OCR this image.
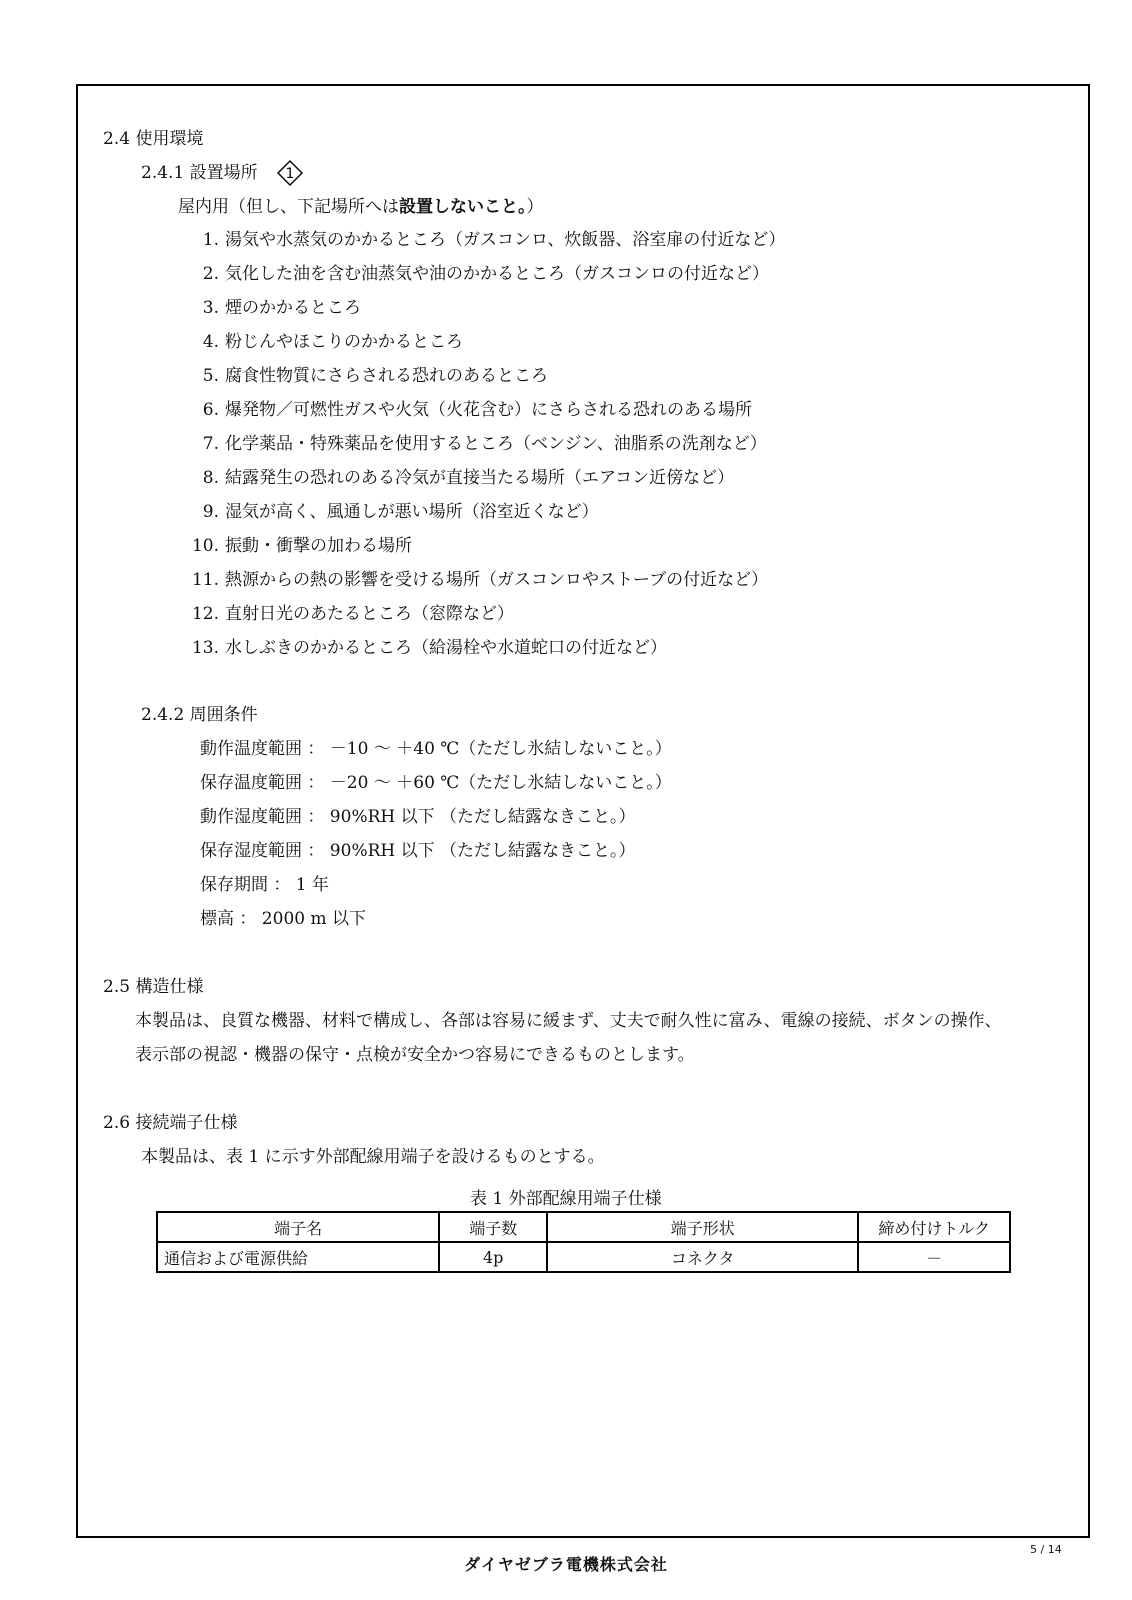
2.4 使用環境
2.4.1 設置場所 1
屋内用（但し、下記場所へは設置しないこと。）
1. 湯気や水蒸気のかかるところ（ガスコンロ、炊飯器、浴室扉の付近など）
2. 気化した油を含む油蒸気や油のかかるところ（ガスコンロの付近など）
3. 煙のかかるところ
4. 粉じんやほこりのかかるところ
5. 腐食性物質にさらされる恐れのあるところ
6. 爆発物／可燃性ガスや火気（火花含む）にさらされる恐れのある場所
7. 化学薬品・特殊薬品を使用するところ（ベンジン、油脂系の洗剤など）
8. 結露発生の恐れのある冷気が直接当たる場所（エアコン近傍など）
9. 湿気が高く、風通しが悪い場所（浴室近くなど）
10. 振動・衝撃の加わる場所
11. 熱源からの熱の影響を受ける場所（ガスコンロやストーブの付近など）
12. 直射日光のあたるところ（窓際など）
13. 水しぶきのかかるところ（給湯栓や水道蛇口の付近など）
2.4.2 周囲条件
動作温度範囲 ： －10 ～ ＋40 ℃（ただし氷結しないこと。）
保存温度範囲 ： －20 ～ ＋60 ℃（ただし氷結しないこと。）
動作湿度範囲 ： 90%RH 以下 （ただし結露なきこと。）
保存湿度範囲 ： 90%RH 以下 （ただし結露なきこと。）
保存期間 ： 1 年
標高 ： 2000 m 以下
2.5 構造仕様
本製品は、良質な機器、材料で構成し、各部は容易に緩まず、丈夫で耐久性に富み、電線の接続、ボタンの操作、
表示部の視認・機器の保守・点検が安全かつ容易にできるものとします。
2.6 接続端子仕様
本製品は、表 1 に示す外部配線用端子を設けるものとする。
表 1 外部配線用端子仕様
端子名	端子数	端子形状	締め付けトルク
通信および電源供給	4p	コネクタ	－
ダイヤゼブラ電機株式会社
5 / 14
